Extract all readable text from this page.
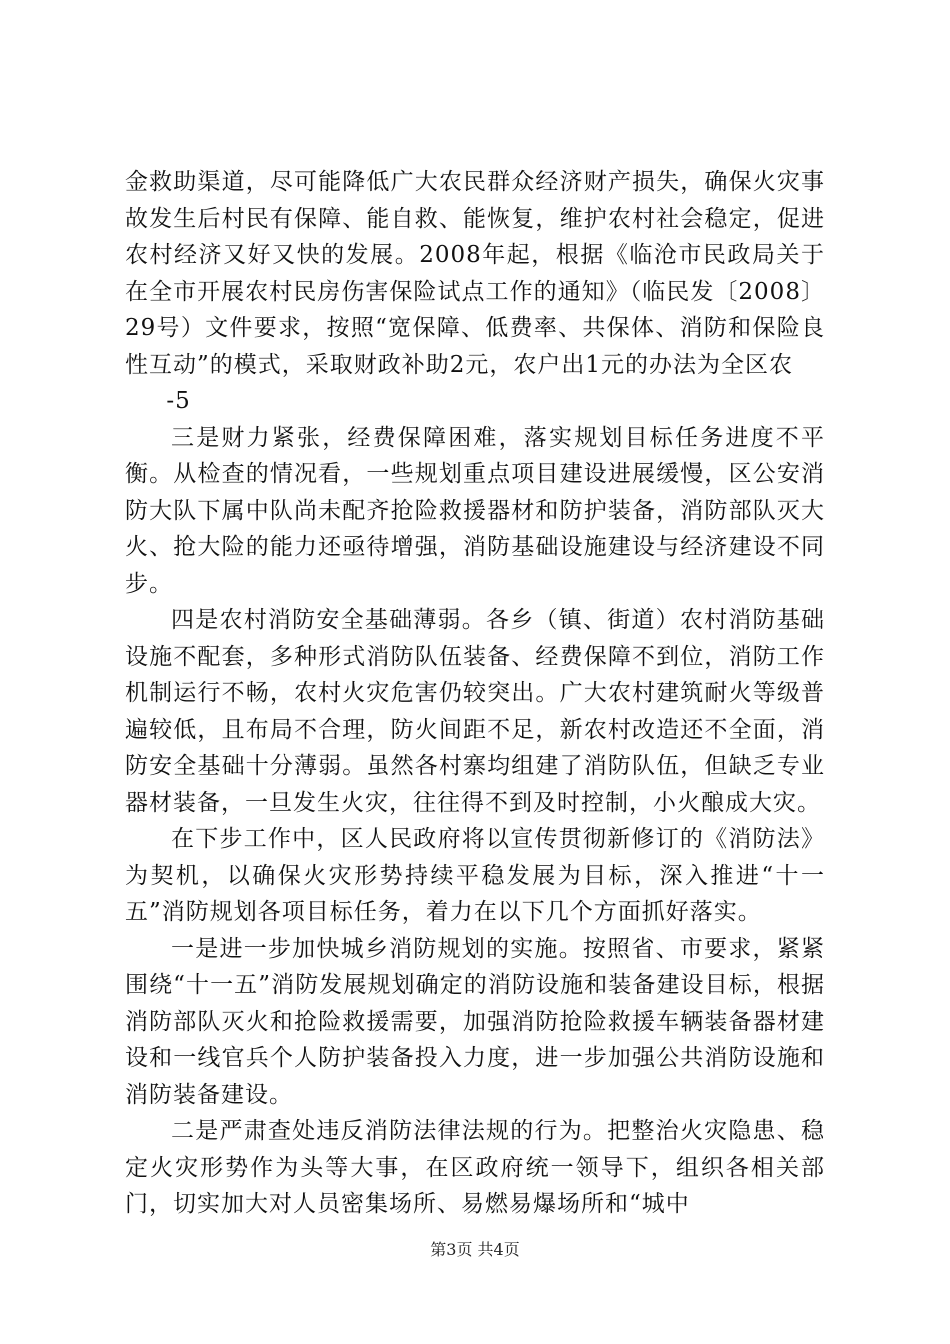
金救助渠道，尽可能降低广大农民群众经济财产损失，确保火灾事故发生后村民有保障、能自救、能恢复，维护农村社会稳定，促进农村经济又好又快的发展。2008年起，根据《临沧市民政局关于在全市开展农村民房伤害保险试点工作的通知》（临民发〔2008〕29号）文件要求，按照“宽保障、低费率、共保体、消防和保险良性互动”的模式，采取财政补助2元，农户出1元的办法为全区农

-5

三是财力紧张，经费保障困难，落实规划目标任务进度不平衡。从检查的情况看，一些规划重点项目建设进展缓慢，区公安消防大队下属中队尚未配齐抢险救援器材和防护装备，消防部队灭大火、抢大险的能力还亟待增强，消防基础设施建设与经济建设不同步。

四是农村消防安全基础薄弱。各乡（镇、街道）农村消防基础设施不配套，多种形式消防队伍装备、经费保障不到位，消防工作机制运行不畅，农村火灾危害仍较突出。广大农村建筑耐火等级普遍较低，且布局不合理，防火间距不足，新农村改造还不全面，消防安全基础十分薄弱。虽然各村寨均组建了消防队伍，但缺乏专业器材装备，一旦发生火灾，往往得不到及时控制，小火酿成大灾。

在下步工作中，区人民政府将以宣传贯彻新修订的《消防法》为契机，以确保火灾形势持续平稳发展为目标，深入推进“十一五”消防规划各项目标任务，着力在以下几个方面抓好落实。

一是进一步加快城乡消防规划的实施。按照省、市要求，紧紧围绕“十一五”消防发展规划确定的消防设施和装备建设目标，根据消防部队灭火和抢险救援需要，加强消防抢险救援车辆装备器材建设和一线官兵个人防护装备投入力度，进一步加强公共消防设施和消防装备建设。

二是严肃查处违反消防法律法规的行为。把整治火灾隐患、稳定火灾形势作为头等大事，在区政府统一领导下，组织各相关部门，切实加大对人员密集场所、易燃易爆场所和“城中

第3页 共4页
